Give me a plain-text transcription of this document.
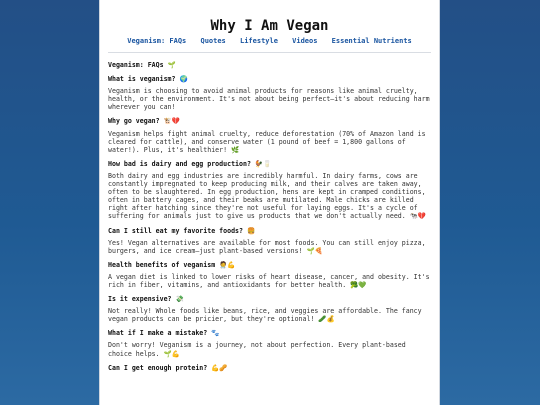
Why I Am Vegan
Veganism: FAQs Quotes Lifestyle Videos Essential Nutrients
Veganism: FAQs 🌱
What is veganism? 🌍
Veganism is choosing to avoid animal products for reasons like animal cruelty, health, or the environment. It's not about being perfect—it's about reducing harm wherever you can!
Why go vegan? 🐮💔
Veganism helps fight animal cruelty, reduce deforestation (70% of Amazon land is cleared for cattle), and conserve water (1 pound of beef = 1,800 gallons of water!). Plus, it's healthier! 🌿
How bad is dairy and egg production? 🐓🥛
Both dairy and egg industries are incredibly harmful. In dairy farms, cows are constantly impregnated to keep producing milk, and their calves are taken away, often to be slaughtered. In egg production, hens are kept in cramped conditions, often in battery cages, and their beaks are mutilated. Male chicks are killed right after hatching since they're not useful for laying eggs. It's a cycle of suffering for animals just to give us products that we don't actually need. 🐄💔
Can I still eat my favorite foods? 🍔
Yes! Vegan alternatives are available for most foods. You can still enjoy pizza, burgers, and ice cream—just plant-based versions! 🌱🍕
Health benefits of veganism 🧑‍⚕️💪
A vegan diet is linked to lower risks of heart disease, cancer, and obesity. It's rich in fiber, vitamins, and antioxidants for better health. 🥦💚
Is it expensive? 💸
Not really! Whole foods like beans, rice, and veggies are affordable. The fancy vegan products can be pricier, but they're optional! 🥒💰
What if I make a mistake? 🐾
Don't worry! Veganism is a journey, not about perfection. Every plant-based choice helps. 🌱💪
Can I get enough protein? 💪🥜
